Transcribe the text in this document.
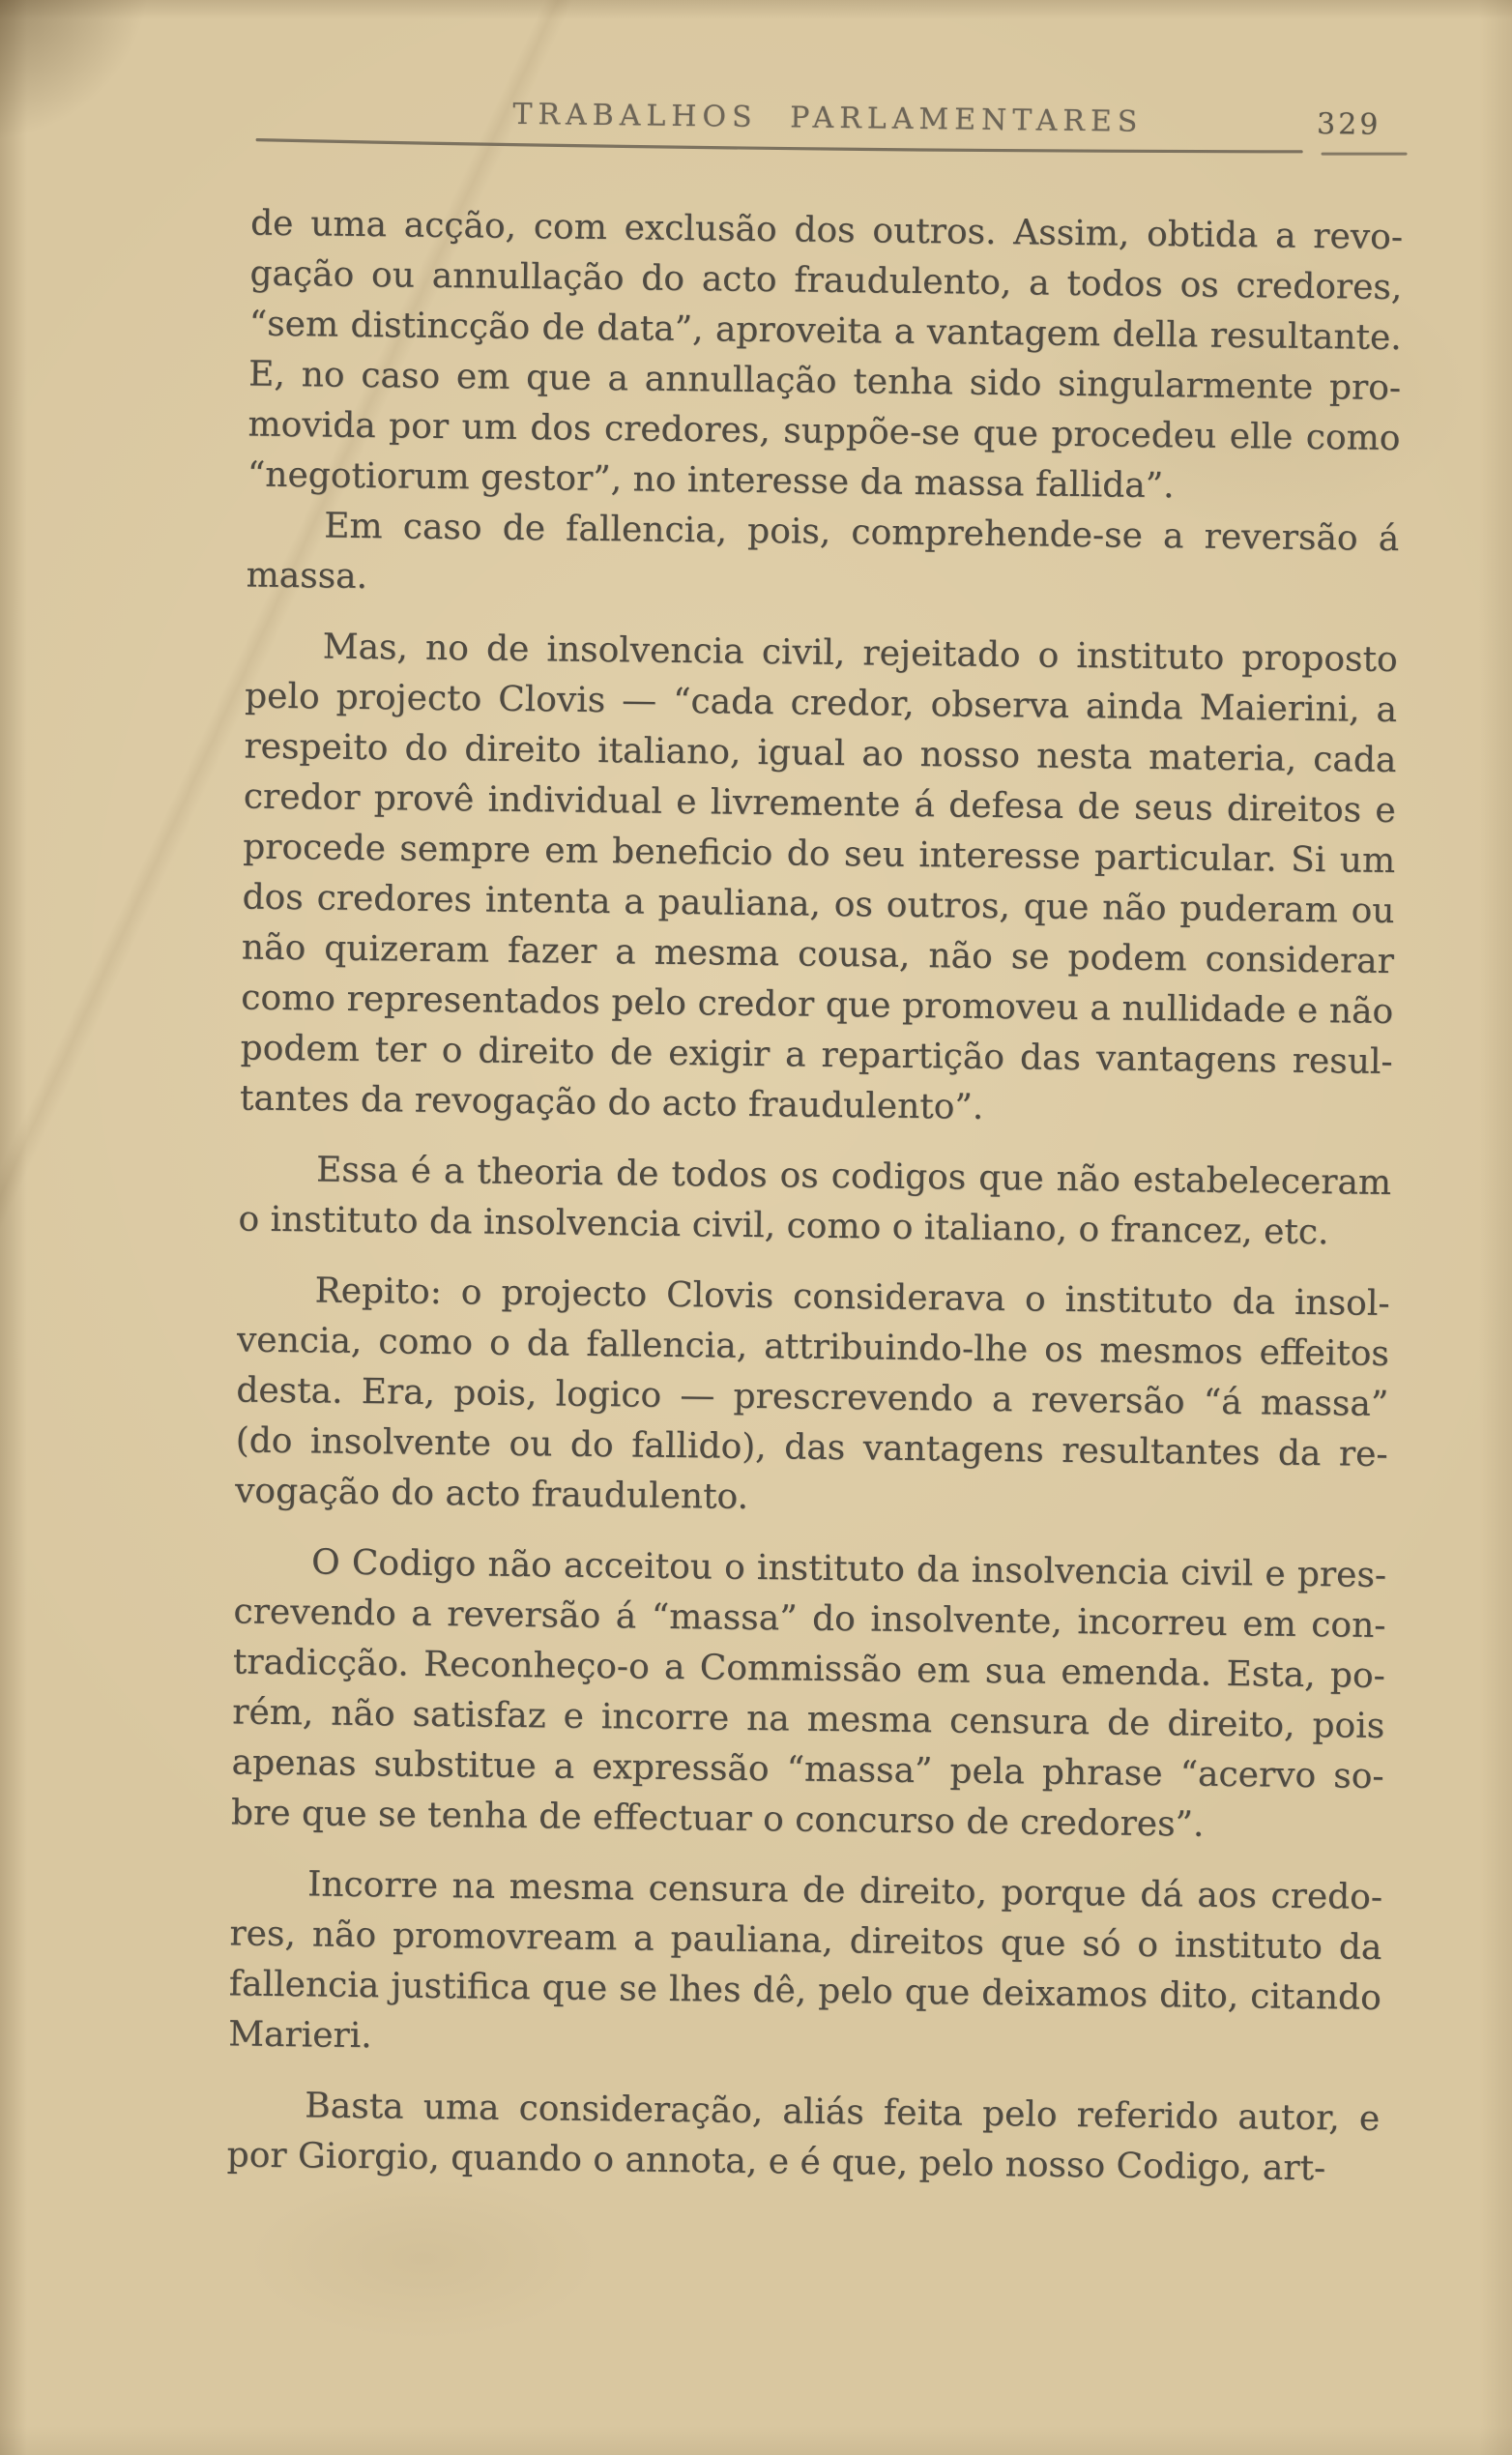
TRABALHOS PARLAMENTARES	329
de uma acção, com exclusão dos outros. Assim, obtida a revo-
gação ou annullação do acto fraudulento, a todos os credores,
“sem distincção de data”, aproveita a vantagem della resultante.
E, no caso em que a annullação tenha sido singularmente pro-
movida por um dos credores, suppõe-se que procedeu elle como
“negotiorum gestor”, no interesse da massa fallida”.
Em caso de fallencia, pois, comprehende-se a reversão á
massa.
Mas, no de insolvencia civil, rejeitado o instituto proposto
pelo projecto Clovis — “cada credor, observa ainda Maierini, a
respeito do direito italiano, igual ao nosso nesta materia, cada
credor provê individual e livremente á defesa de seus direitos e
procede sempre em beneficio do seu interesse particular. Si um
dos credores intenta a pauliana, os outros, que não puderam ou
não quizeram fazer a mesma cousa, não se podem considerar
como representados pelo credor que promoveu a nullidade e não
podem ter o direito de exigir a repartição das vantagens resul-
tantes da revogação do acto fraudulento”.
Essa é a theoria de todos os codigos que não estabeleceram
o instituto da insolvencia civil, como o italiano, o francez, etc.
Repito: o projecto Clovis considerava o instituto da insol-
vencia, como o da fallencia, attribuindo-lhe os mesmos effeitos
desta. Era, pois, logico — prescrevendo a reversão “á massa”
(do insolvente ou do fallido), das vantagens resultantes da re-
vogação do acto fraudulento.
O Codigo não acceitou o instituto da insolvencia civil e pres-
crevendo a reversão á “massa” do insolvente, incorreu em con-
tradicção. Reconheço-o a Commissão em sua emenda. Esta, po-
rém, não satisfaz e incorre na mesma censura de direito, pois
apenas substitue a expressão “massa” pela phrase “acervo so-
bre que se tenha de effectuar o concurso de credores”.
Incorre na mesma censura de direito, porque dá aos credo-
res, não promovream a pauliana, direitos que só o instituto da
fallencia justifica que se lhes dê, pelo que deixamos dito, citando
Marieri.
Basta uma consideração, aliás feita pelo referido autor, e
por Giorgio, quando o annota, e é que, pelo nosso Codigo, art-
